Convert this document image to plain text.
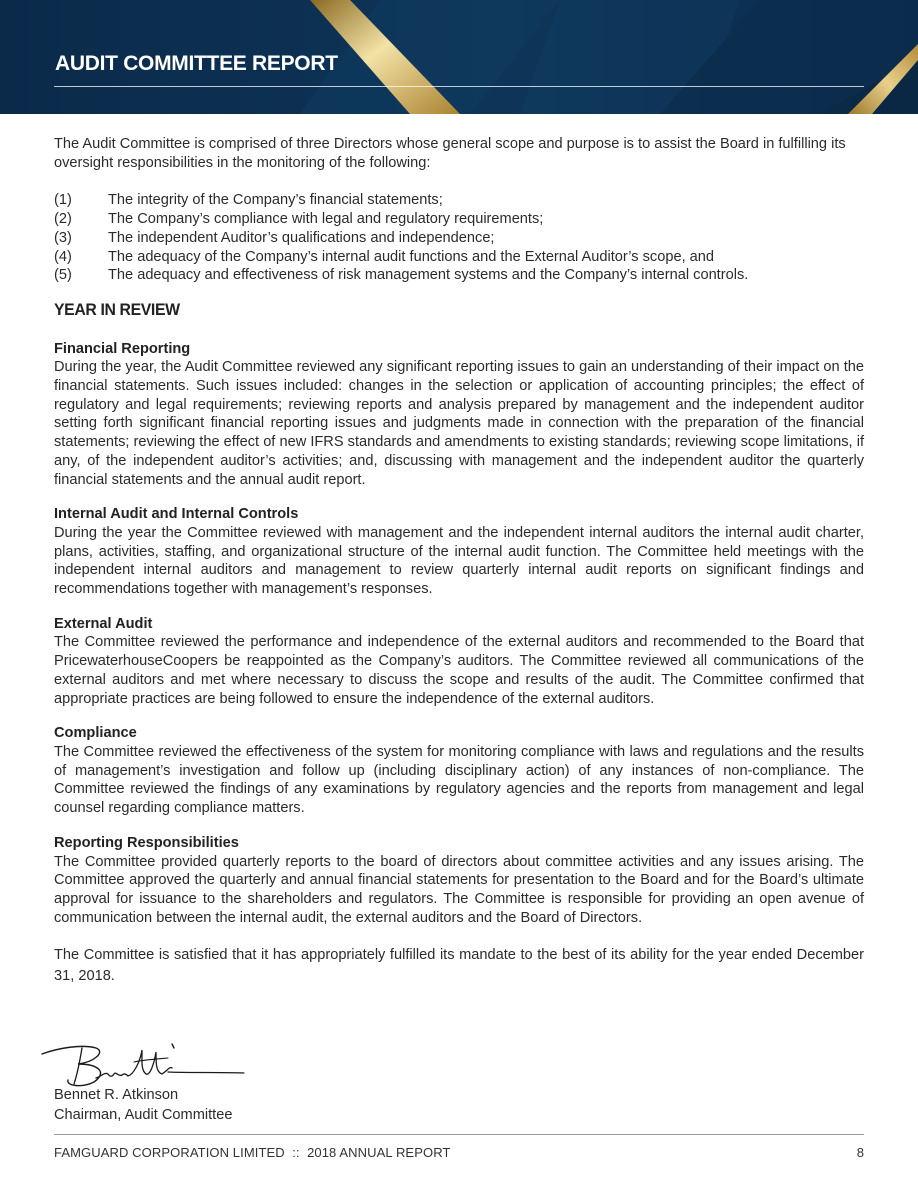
AUDIT COMMITTEE REPORT

The Audit Committee is comprised of three Directors whose general scope and purpose is to assist the Board in fulfilling its oversight responsibilities in the monitoring of the following:

(1)	The integrity of the Company’s financial statements;
(2)	The Company’s compliance with legal and regulatory requirements;
(3)	The independent Auditor’s qualifications and independence;
(4)	The adequacy of the Company’s internal audit functions and the External Auditor’s scope, and
(5)	The adequacy and effectiveness of risk management systems and the Company’s internal controls.
YEAR IN REVIEW
Financial Reporting

During the year, the Audit Committee reviewed any significant reporting issues to gain an understanding of their impact on the financial statements. Such issues included: changes in the selection or application of accounting principles; the effect of regulatory and legal requirements; reviewing reports and analysis prepared by management and the independent auditor setting forth significant financial reporting issues and judgments made in connection with the preparation of the financial statements; reviewing the effect of new IFRS standards and amendments to existing standards; reviewing scope limitations, if any, of the independent auditor’s activities; and, discussing with management and the independent auditor the quarterly financial statements and the annual audit report.

Internal Audit and Internal Controls

During the year the Committee reviewed with management and the independent internal auditors the internal audit charter, plans, activities, staffing, and organizational structure of the internal audit function. The Committee held meetings with the independent internal auditors and management to review quarterly internal audit reports on significant findings and recommendations together with management’s responses.

External Audit

The Committee reviewed the performance and independence of the external auditors and recommended to the Board that PricewaterhouseCoopers be reappointed as the Company’s auditors. The Committee reviewed all communications of the external auditors and met where necessary to discuss the scope and results of the audit. The Committee confirmed that appropriate practices are being followed to ensure the independence of the external auditors.

Compliance

The Committee reviewed the effectiveness of the system for monitoring compliance with laws and regulations and the results of management’s investigation and follow up (including disciplinary action) of any instances of non-compliance. The Committee reviewed the findings of any examinations by regulatory agencies and the reports from management and legal counsel regarding compliance matters.

Reporting Responsibilities

The Committee provided quarterly reports to the board of directors about committee activities and any issues arising. The Committee approved the quarterly and annual financial statements for presentation to the Board and for the Board’s ultimate approval for issuance to the shareholders and regulators. The Committee is responsible for providing an open avenue of communication between the internal audit, the external auditors and the Board of Directors.

The Committee is satisfied that it has appropriately fulfilled its mandate to the best of its ability for the year ended December 31, 2018.

Bennet R. Atkinson
Chairman, Audit Committee
FAMGUARD CORPORATION LIMITED  ::  2018 ANNUAL REPORT	8
